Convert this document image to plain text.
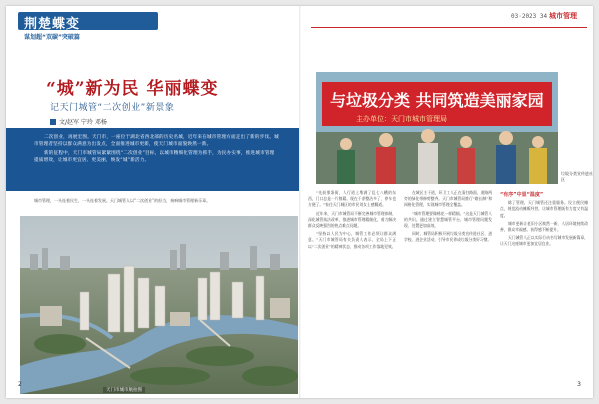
荆楚蝶变
谋划超“双碳”突破篇
“城”新为民 华丽蝶变
记天门城管“二次创业”新景象
文/赵军 宁玲 邓杨

二次创业，再展宏图。天门市，一座位于湖北省西北部的历史名城，近年来在城市管理方面走出了新的步伐。城市管理者坚持以群众满意为出发点，全面推进城市更新，使天门城市面貌焕然一新。

新的征程中，天门市城管局紧紧围绕“二次创业”目标，以城市精细化管理为抓手，为民办实事，推进城市管理提质增效，让城市更宜居、更美丽，焕发“城”新活力。

城市管理，一头连着民生，一头连着发展。天门城管人以“二次创业”的担当，奏响城市管理新乐章。
天门市城市航拍图
2
03·2023 34 城市管理
与垃圾分类 共同筑造美丽家园
主办单位：天门市城市管理局
垃圾分类宣传进社区

“先前那条街，人行道上堆满了乱七八糟的东西，门口总是一片狼藉。现在干净整洁多了，停车也方便了。”家住天门城区的市民刘女士感慨道。

近年来，天门市城管局不断完善城市管理体制，深化城管执法改革，推进城市管理精细化，着力解决群众反映强烈的热点难点问题。

“坚持以人民为中心，城管工作必须让群众满意。”天门市城管局有关负责人表示，全局上下正以“二次创业”的精神状态，推动各项工作落地见效。

在城区主干道，环卫工人正在清扫路面，道路两旁的绿化带修剪整齐。天门市城管局推行“路长制”和网格化管理，实现城市管理全覆盖。

“城市管理要像绣花一样精细。”这是天门城管人的共识。通过建立智慧城管平台，城市管理问题发现、处置更加高效。

同时，城管局积极开展垃圾分类宣传进社区、进学校、进企业活动，引导市民养成垃圾分类好习惯。

“有序”中显“温度”

除了管理，天门城管还注重服务。设立便民摊点，规范流动摊贩经营，让城市管理既有力度又有温度。

城市更新让老旧小区焕然一新，人居环境持续改善，群众幸福感、获得感不断提升。

天门城管人正以实际行动书写城市发展新篇章，让天门这座城市更加宜居宜业。

3
